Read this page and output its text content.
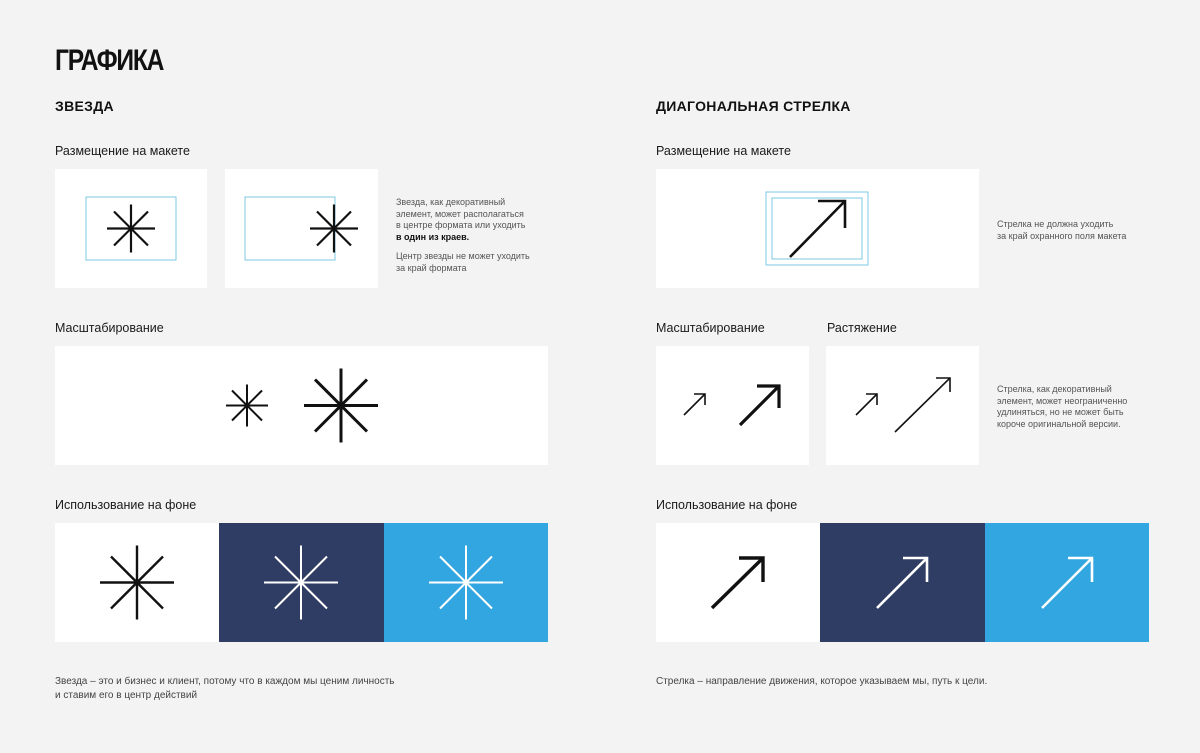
ГРАФИКА
ЗВЕЗДА
Размещение на макете
Звезда, как декоративный
элемент, может располагаться
в центре формата или уходить
в один из краев.
Центр звезды не может уходить
за край формата
Масштабирование
Использование на фоне
Звезда – это и бизнес и клиент, потому что в каждом мы ценим личность
и ставим его в центр действий
ДИАГОНАЛЬНАЯ СТРЕЛКА
Размещение на макете
Стрелка не должна уходить
за край охранного поля макета
Масштабирование	Растяжение
Стрелка, как декоративный
элемент, может неограниченно
удлиняться, но не может быть
короче оригинальной версии.
Использование на фоне
Стрелка – направление движения, которое указываем мы, путь к цели.
